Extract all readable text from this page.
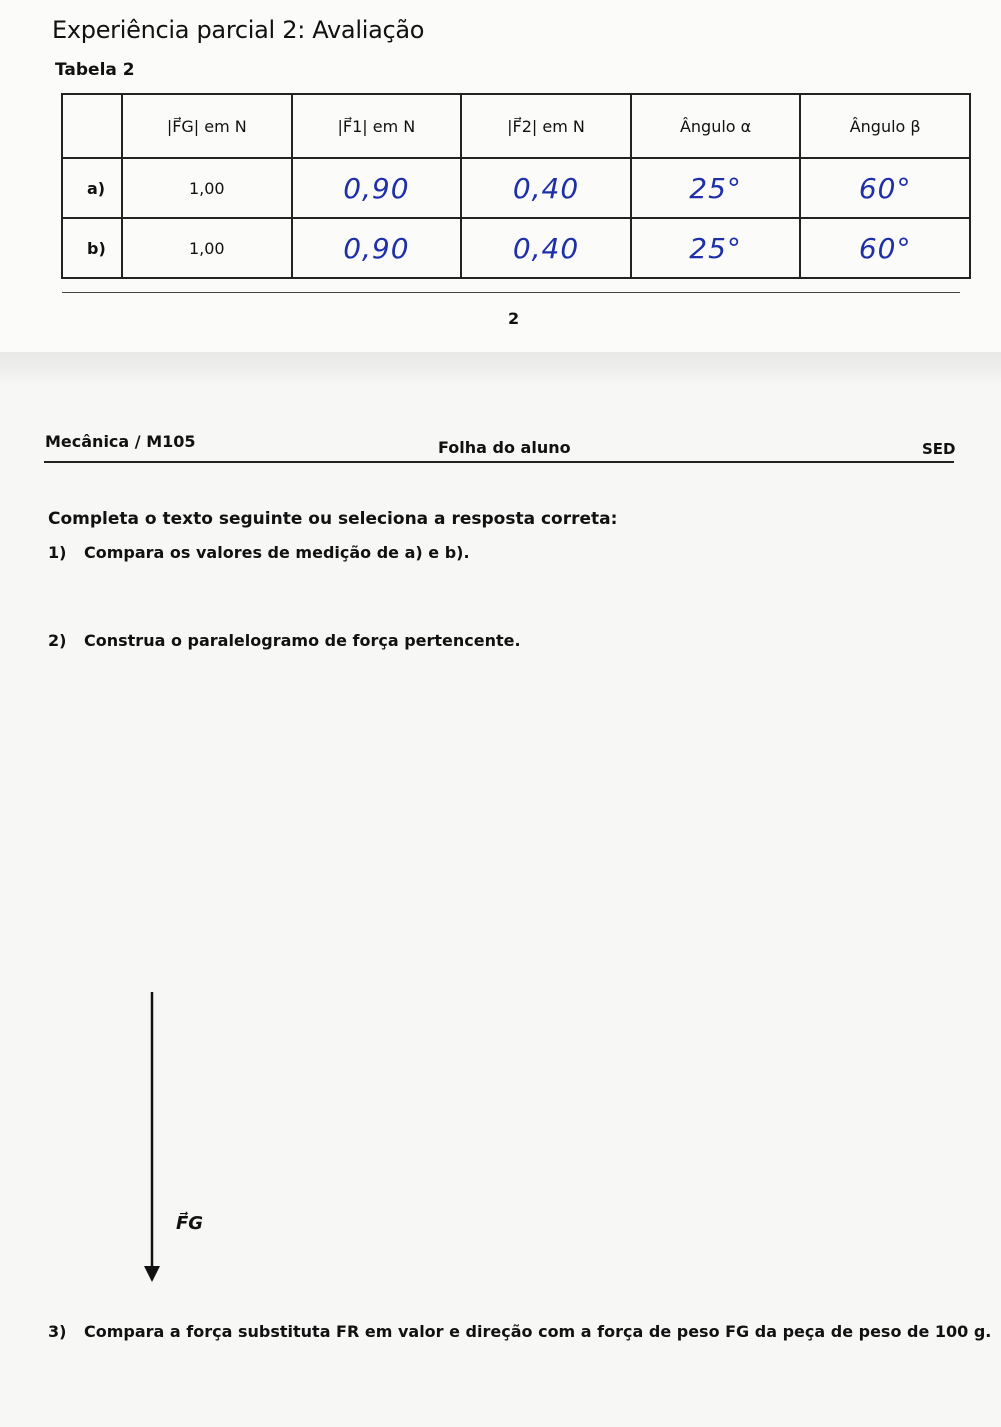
Experiência parcial 2: Avaliação
Tabela 2
	|F⃗G| em N	|F⃗1| em N	|F⃗2| em N	Ângulo α	Ângulo β
a)	1,00	0,90	0,40	25°	60°
b)	1,00	0,90	0,40	25°	60°
2
Mecânica / M105	Folha do aluno	SED
Completa o texto seguinte ou seleciona a resposta correta:
1) Compara os valores de medição de a) e b).
2) Construa o paralelogramo de força pertencente.
F⃗G
3) Compara a força substituta FR em valor e direção com a força de peso FG da peça de peso de 100 g.
